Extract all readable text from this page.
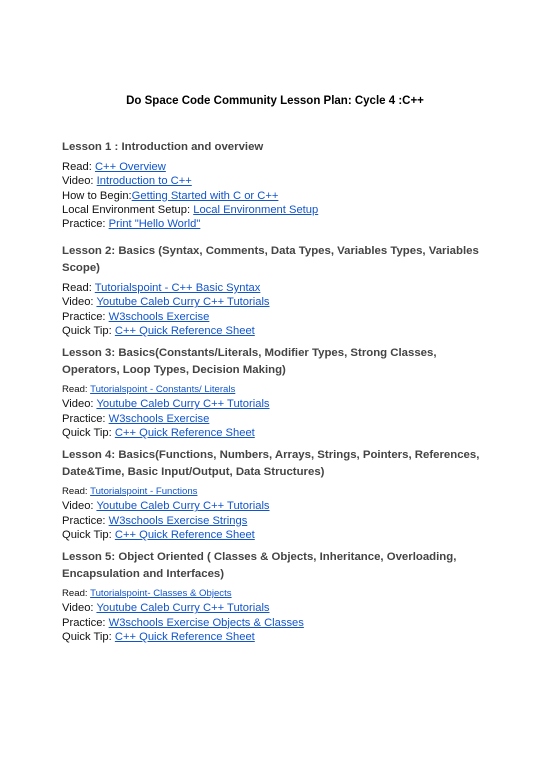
Do Space Code Community Lesson Plan: Cycle 4 :C++
Lesson 1 : Introduction and overview
Read: C++ Overview
Video: Introduction to C++
How to Begin:Getting Started with C or C++
Local Environment Setup: Local Environment Setup
Practice: Print "Hello World"
Lesson 2: Basics (Syntax, Comments, Data Types, Variables Types, Variables Scope)
Read: Tutorialspoint - C++ Basic Syntax
Video: Youtube Caleb Curry C++ Tutorials
Practice: W3schools Exercise
Quick Tip: C++ Quick Reference Sheet
Lesson 3: Basics(Constants/Literals, Modifier Types, Strong Classes, Operators, Loop Types, Decision Making)
Read: Tutorialspoint - Constants/ Literals
Video: Youtube Caleb Curry C++ Tutorials
Practice: W3schools Exercise
Quick Tip: C++ Quick Reference Sheet
Lesson 4: Basics(Functions, Numbers, Arrays, Strings, Pointers, References, Date&Time, Basic Input/Output, Data Structures)
Read: Tutorialspoint - Functions
Video: Youtube Caleb Curry C++ Tutorials
Practice: W3schools Exercise Strings
Quick Tip: C++ Quick Reference Sheet
Lesson 5: Object Oriented ( Classes & Objects, Inheritance, Overloading, Encapsulation and Interfaces)
Read: Tutorialspoint- Classes & Objects
Video: Youtube Caleb Curry C++ Tutorials
Practice: W3schools Exercise Objects & Classes
Quick Tip: C++ Quick Reference Sheet
